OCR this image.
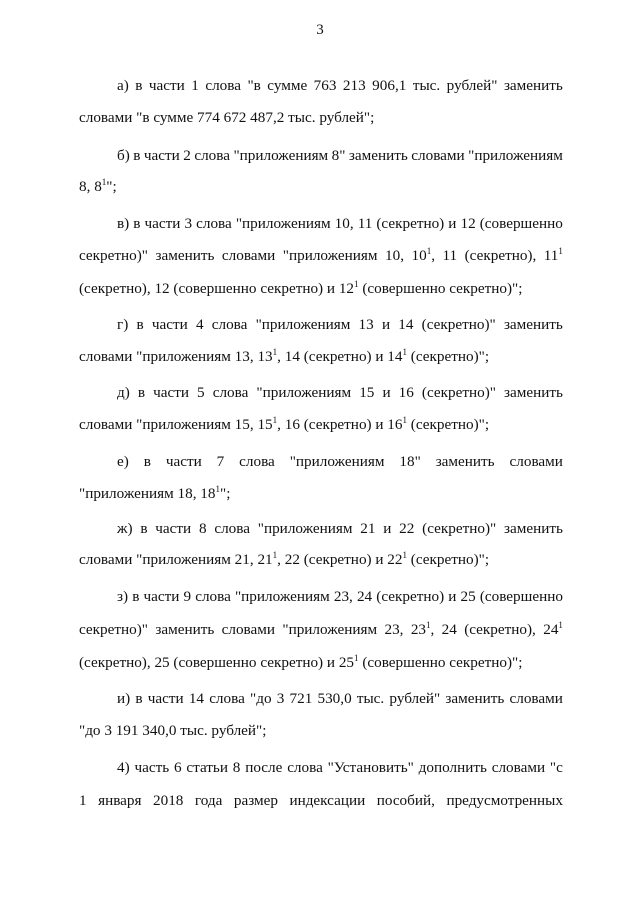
3
а) в части 1 слова "в сумме 763 213 906,1 тыс. рублей" заменить
словами "в сумме 774 672 487,2 тыс. рублей";
б) в части 2 слова "приложениям 8" заменить словами "приложениям
8, $8^1$";
в) в части 3 слова "приложениям 10, 11 (секретно) и 12 (совершенно
секретно)" заменить словами "приложениям 10, $10^1$, 11 (секретно), $11^1$
(секретно), 12 (совершенно секретно) и $12^1$ (совершенно секретно)";
г) в части 4 слова "приложениям 13 и 14 (секретно)" заменить
словами "приложениям 13, $13^1$, 14 (секретно) и $14^1$ (секретно)";
д) в части 5 слова "приложениям 15 и 16 (секретно)" заменить
словами "приложениям 15, $15^1$, 16 (секретно) и $16^1$ (секретно)";
е) в части 7 слова "приложениям 18" заменить словами
"приложениям 18, $18^1$";
ж) в части 8 слова "приложениям 21 и 22 (секретно)" заменить
словами "приложениям 21, $21^1$, 22 (секретно) и $22^1$ (секретно)";
з) в части 9 слова "приложениям 23, 24 (секретно) и 25 (совершенно
секретно)" заменить словами "приложениям 23, $23^1$, 24 (секретно), $24^1$
(секретно), 25 (совершенно секретно) и $25^1$ (совершенно секретно)";
и) в части 14 слова "до 3 721 530,0 тыс. рублей" заменить словами
"до 3 191 340,0 тыс. рублей";
4) часть 6 статьи 8 после слова "Установить" дополнить словами "с
1 января 2018 года размер индексации пособий, предусмотренных
